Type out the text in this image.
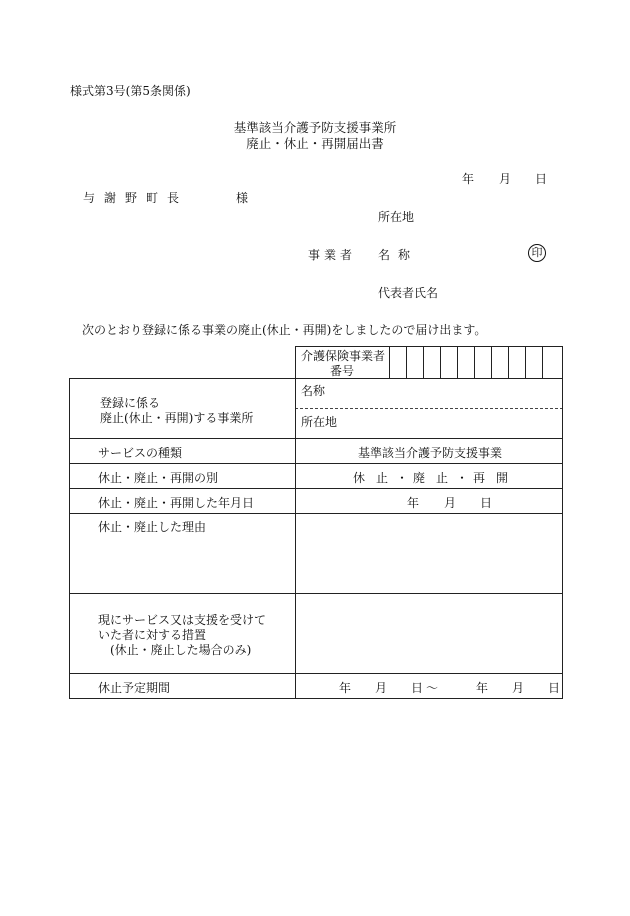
様式第3号(第5条関係)
基準該当介護予防支援事業所
廃止・休止・再開届出書
年 月 日
与謝野町長	様
所在地
事業者 名称	印
代表者氏名
次のとおり登録に係る事業の廃止(休止・再開)をしましたので届け出ます。
介護保険事業者
番号
登録に係る
廃止(休止・再開)する事業所
名称
所在地
サービスの種類	基準該当介護予防支援事業
休止・廃止・再開の別	休 止 ・ 廃 止 ・ 再 開
休止・廃止・再開した年月日	年 月 日
休止・廃止した理由
現にサービス又は支援を受けて
いた者に対する措置
(休止・廃止した場合のみ)
休止予定期間	年 月 日 ～	年 月 日
